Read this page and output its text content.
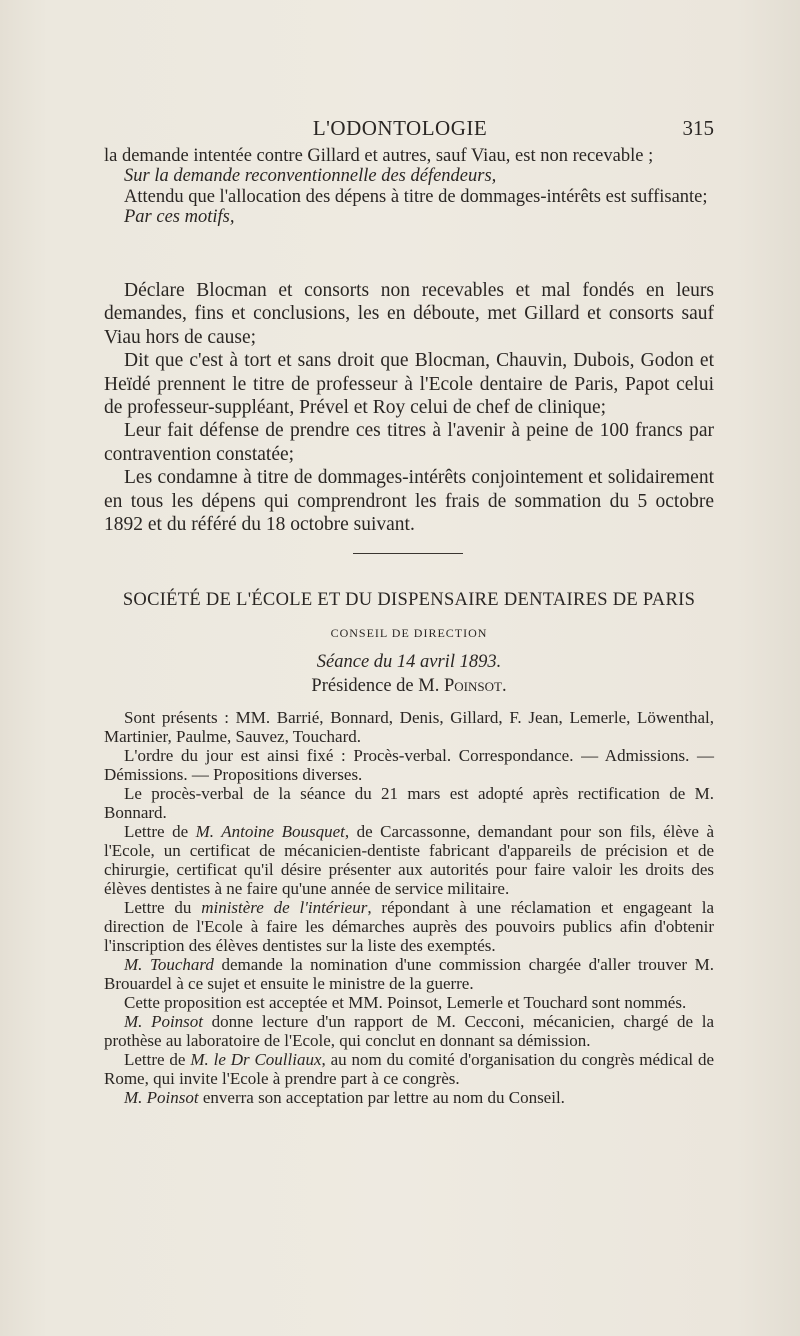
L'ODONTOLOGIE	315

la demande intentée contre Gillard et autres, sauf Viau, est non recevable ;

Sur la demande reconventionnelle des défendeurs,

Attendu que l'allocation des dépens à titre de dommages-intérêts est suffisante;

Par ces motifs,

Déclare Blocman et consorts non recevables et mal fondés en leurs demandes, fins et conclusions, les en déboute, met Gillard et consorts sauf Viau hors de cause;

Dit que c'est à tort et sans droit que Blocman, Chauvin, Dubois, Godon et Heïdé prennent le titre de professeur à l'Ecole dentaire de Paris, Papot celui de professeur-suppléant, Prével et Roy celui de chef de clinique;

Leur fait défense de prendre ces titres à l'avenir à peine de 100 francs par contravention constatée;

Les condamne à titre de dommages-intérêts conjointement et solidairement en tous les dépens qui comprendront les frais de sommation du 5 octobre 1892 et du référé du 18 octobre suivant.

SOCIÉTÉ DE L'ÉCOLE ET DU DISPENSAIRE DENTAIRES DE PARIS
CONSEIL DE DIRECTION
Séance du 14 avril 1893.
Présidence de M. Poinsot.

Sont présents : MM. Barrié, Bonnard, Denis, Gillard, F. Jean, Lemerle, Löwenthal, Martinier, Paulme, Sauvez, Touchard.

L'ordre du jour est ainsi fixé : Procès-verbal. Correspondance. — Admissions. — Démissions. — Propositions diverses.

Le procès-verbal de la séance du 21 mars est adopté après rectification de M. Bonnard.

Lettre de M. Antoine Bousquet, de Carcassonne, demandant pour son fils, élève à l'Ecole, un certificat de mécanicien-dentiste fabricant d'appareils de précision et de chirurgie, certificat qu'il désire présenter aux autorités pour faire valoir les droits des élèves dentistes à ne faire qu'une année de service militaire.

Lettre du ministère de l'intérieur, répondant à une réclamation et engageant la direction de l'Ecole à faire les démarches auprès des pouvoirs publics afin d'obtenir l'inscription des élèves dentistes sur la liste des exemptés.

M. Touchard demande la nomination d'une commission chargée d'aller trouver M. Brouardel à ce sujet et ensuite le ministre de la guerre.

Cette proposition est acceptée et MM. Poinsot, Lemerle et Touchard sont nommés.

M. Poinsot donne lecture d'un rapport de M. Cecconi, mécanicien, chargé de la prothèse au laboratoire de l'Ecole, qui conclut en donnant sa démission.

Lettre de M. le Dr Coulliaux, au nom du comité d'organisation du congrès médical de Rome, qui invite l'Ecole à prendre part à ce congrès.

M. Poinsot enverra son acceptation par lettre au nom du Conseil.
